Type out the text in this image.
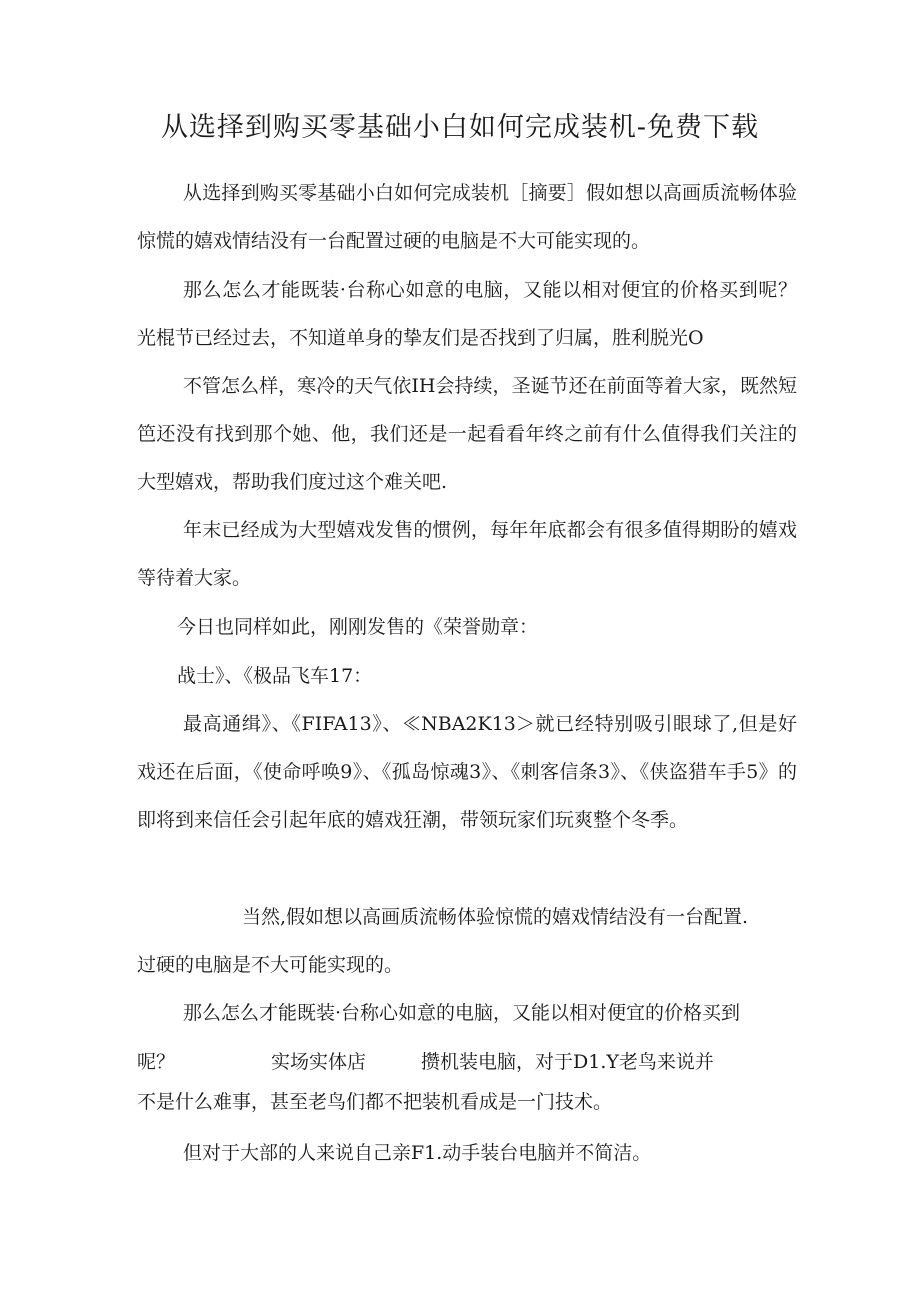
从选择到购买零基础小白如何完成装机-免费下载

从选择到购买零基础小白如何完成装机［摘要］假如想以高画质流畅体验惊慌的嬉戏情结没有一台配置过硬的电脑是不大可能实现的。

那么怎么才能既装·台称心如意的电脑，又能以相对便宜的价格买到呢？光棍节已经过去，不知道单身的挚友们是否找到了归属，胜利脱光O

不管怎么样，寒冷的天气依IH会持续，圣诞节还在前面等着大家，既然短笆还没有找到那个她、他，我们还是一起看看年终之前有什么值得我们关注的大型嬉戏，帮助我们度过这个难关吧.

年末已经成为大型嬉戏发售的惯例，每年年底都会有很多值得期盼的嬉戏等待着大家。

今日也同样如此，刚刚发售的《荣誉勋章：
战士》、《极品飞车17：

最高通缉》、《FIFA13》、≪NBA2K13＞就已经特别吸引眼球了,但是好戏还在后面，《使命呼唤9》、《孤岛惊魂3》、《刺客信条3》、《侠盗猎车手5》的即将到来信任会引起年底的嬉戏狂潮，带领玩家们玩爽整个冬季。

当然,假如想以高画质流畅体验惊慌的嬉戏情结没有一台配置.
过硬的电脑是不大可能实现的。
那么怎么才能既装·台称心如意的电脑，又能以相对便宜的价格买到
呢？	实场实体店	攒机装电脑，对于D1.Y老鸟来说并
不是什么难事，甚至老鸟们都不把装机看成是一门技术。
但对于大部的人来说自己亲F1.动手装台电脑并不简洁。
